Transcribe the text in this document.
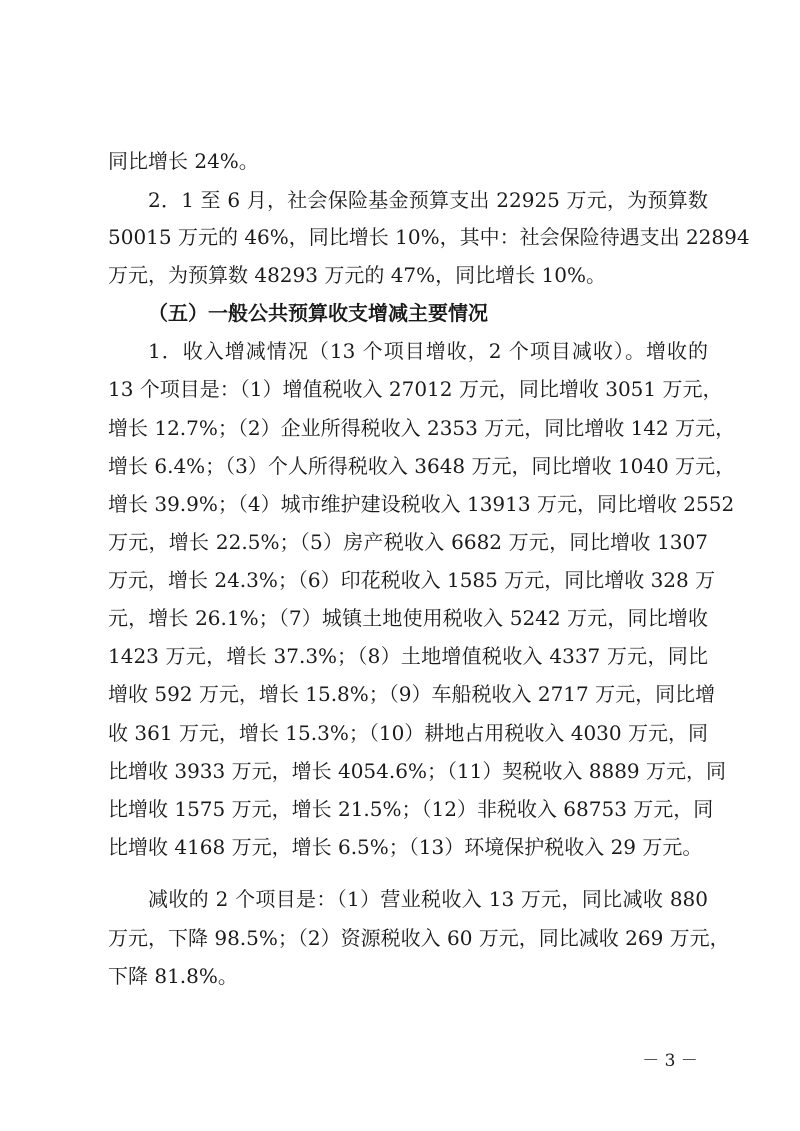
同比增长 24%。
2．1 至 6 月，社会保险基金预算支出 22925 万元，为预算数
50015 万元的 46%，同比增长 10%，其中：社会保险待遇支出 22894
万元，为预算数 48293 万元的 47%，同比增长 10%。
（五）一般公共预算收支增减主要情况
1．收入增减情况（13 个项目增收，2 个项目减收）。增收的
13 个项目是：（1）增值税收入 27012 万元，同比增收 3051 万元，
增长 12.7%；（2）企业所得税收入 2353 万元，同比增收 142 万元，
增长 6.4%；（3）个人所得税收入 3648 万元，同比增收 1040 万元，
增长 39.9%；（4）城市维护建设税收入 13913 万元，同比增收 2552
万元，增长 22.5%；（5）房产税收入 6682 万元，同比增收 1307
万元，增长 24.3%；（6）印花税收入 1585 万元，同比增收 328 万
元，增长 26.1%；（7）城镇土地使用税收入 5242 万元，同比增收
1423 万元，增长 37.3%；（8）土地增值税收入 4337 万元，同比
增收 592 万元，增长 15.8%；（9）车船税收入 2717 万元，同比增
收 361 万元，增长 15.3%；（10）耕地占用税收入 4030 万元，同
比增收 3933 万元，增长 4054.6%；（11）契税收入 8889 万元，同
比增收 1575 万元，增长 21.5%；（12）非税收入 68753 万元，同
比增收 4168 万元，增长 6.5%；（13）环境保护税收入 29 万元。
减收的 2 个项目是：（1）营业税收入 13 万元，同比减收 880
万元，下降 98.5%；（2）资源税收入 60 万元，同比减收 269 万元，
下降 81.8%。
－ 3 －
